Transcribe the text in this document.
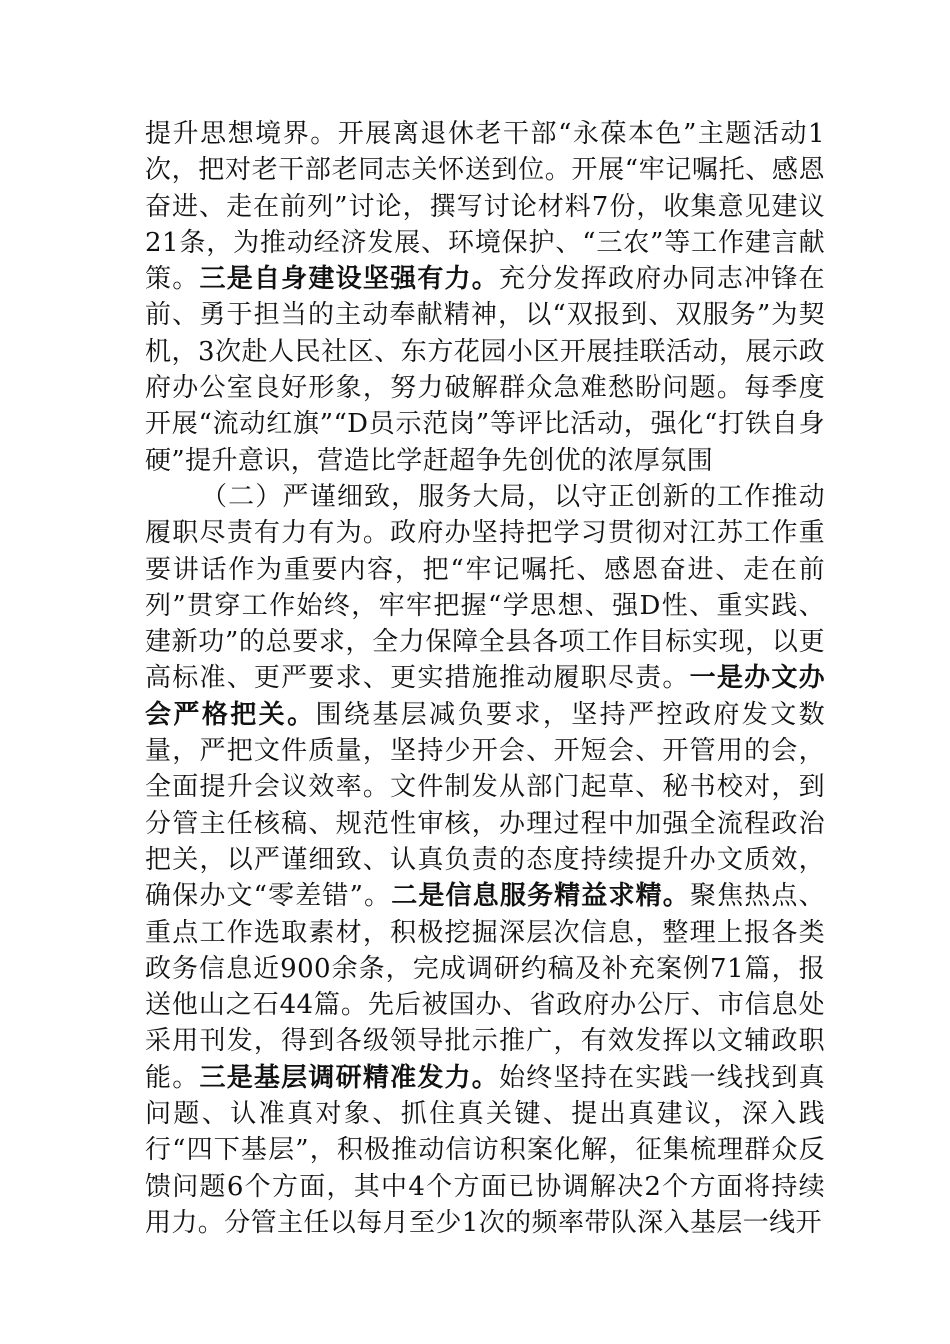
提升思想境界。开展离退休老干部“永葆本色”主题活动1次，把对老干部老同志关怀送到位。开展“牢记嘱托、感恩奋进、走在前列”讨论，撰写讨论材料7份，收集意见建议21条，为推动经济发展、环境保护、“三农”等工作建言献策。三是自身建设坚强有力。充分发挥政府办同志冲锋在前、勇于担当的主动奉献精神，以“双报到、双服务”为契机，3次赴人民社区、东方花园小区开展挂联活动，展示政府办公室良好形象，努力破解群众急难愁盼问题。每季度开展“流动红旗”“D员示范岗”等评比活动，强化“打铁自身硬”提升意识，营造比学赶超争先创优的浓厚氛围

（二）严谨细致，服务大局，以守正创新的工作推动履职尽责有力有为。政府办坚持把学习贯彻对江苏工作重要讲话作为重要内容，把“牢记嘱托、感恩奋进、走在前列”贯穿工作始终，牢牢把握“学思想、强D性、重实践、建新功”的总要求，全力保障全县各项工作目标实现，以更高标准、更严要求、更实措施推动履职尽责。一是办文办会严格把关。围绕基层减负要求，坚持严控政府发文数量，严把文件质量，坚持少开会、开短会、开管用的会，全面提升会议效率。文件制发从部门起草、秘书校对，到分管主任核稿、规范性审核，办理过程中加强全流程政治把关，以严谨细致、认真负责的态度持续提升办文质效，确保办文“零差错”。二是信息服务精益求精。聚焦热点、重点工作选取素材，积极挖掘深层次信息，整理上报各类政务信息近900余条，完成调研约稿及补充案例71篇，报送他山之石44篇。先后被国办、省政府办公厅、市信息处采用刊发，得到各级领导批示推广，有效发挥以文辅政职能。三是基层调研精准发力。始终坚持在实践一线找到真问题、认准真对象、抓住真关键、提出真建议，深入践行“四下基层”，积极推动信访积案化解，征集梳理群众反馈问题6个方面，其中4个方面已协调解决2个方面将持续用力。分管主任以每月至少1次的频率带队深入基层一线开
